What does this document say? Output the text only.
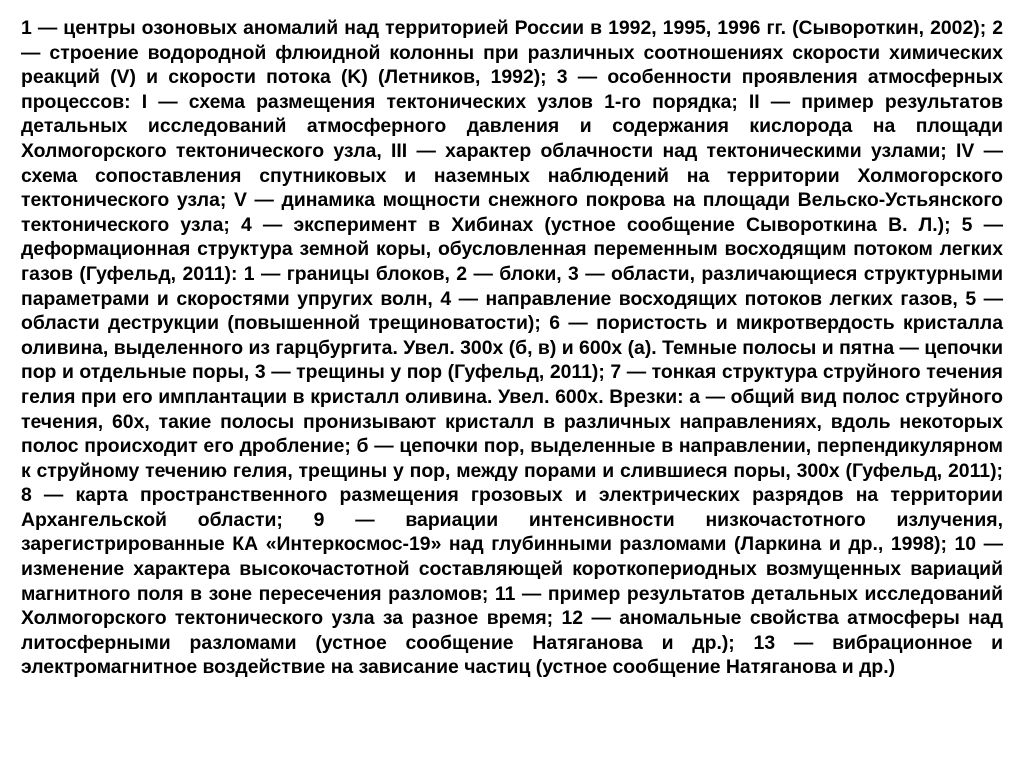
1 — центры озоновых аномалий над территорией России в 1992, 1995, 1996 гг. (Сывороткин, 2002); 2 — строение водородной флюидной колонны при различных соотношениях скорости химических реакций (V) и скорости потока (K) (Летников, 1992); 3 — особенности проявления атмосферных процессов: I — схема размещения тектонических узлов 1-го порядка; II — пример результатов детальных исследований атмосферного давления и содержания кислорода на площади Холмогорского тектонического узла, III — характер облачности над тектоническими узлами; IV — схема сопоставления спутниковых и наземных наблюдений на территории Холмогорского тектонического узла; V — динамика мощности снежного покрова на площади Вельско-Устьянского тектонического узла; 4 — эксперимент в Хибинах (устное сообщение Сывороткина В. Л.); 5 — деформационная структура земной коры, обусловленная переменным восходящим потоком легких газов (Гуфельд, 2011): 1 — границы блоков, 2 — блоки, 3 — области, различающиеся структурными параметрами и скоростями упругих волн, 4 — направление восходящих потоков легких газов, 5 — области деструкции (повышенной трещиноватости); 6 — пористость и микротвердость кристалла оливина, выделенного из гарцбургита. Увел. 300х (б, в) и 600х (а). Темные полосы и пятна — цепочки пор и отдельные поры, 3 — трещины у пор (Гуфельд, 2011); 7 — тонкая структура струйного течения гелия при его имплантации в кристалл оливина. Увел. 600х. Врезки: а — общий вид полос струйного течения, 60х, такие полосы пронизывают кристалл в различных направлениях, вдоль некоторых полос происходит его дробление; б — цепочки пор, выделенные в направлении, перпендикулярном к струйному течению гелия, трещины у пор, между порами и слившиеся поры, 300х (Гуфельд, 2011); 8 — карта пространственного размещения грозовых и электрических разрядов на территории Архангельской области; 9 — вариации интенсивности низкочастотного излучения, зарегистрированные КА «Интеркосмос-19» над глубинными разломами (Ларкина и др., 1998); 10 — изменение характера высокочастотной составляющей короткопериодных возмущенных вариаций магнитного поля в зоне пересечения разломов; 11 — пример результатов детальных исследований Холмогорского тектонического узла за разное время; 12 — аномальные свойства атмосферы над литосферными разломами (устное сообщение Натяганова и др.); 13 — вибрационное и электромагнитное воздействие на зависание частиц (устное сообщение Натяганова и др.)
